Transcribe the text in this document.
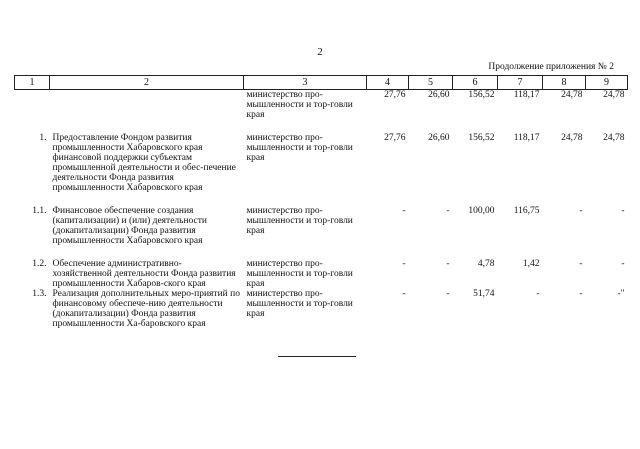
2
Продолжение приложения № 2
1	2	3	4	5	6	7	8	9
		министерство про-мышленности и тор-говли края	27,76	26,60	156,52	118,17	24,78	24,78

1.	Предоставление Фондом развития промышленности Хабаровского края финансовой поддержки субъектам промышленной деятельности и обес-печение деятельности Фонда развития промышленности Хабаровского края	министерство про-мышленности и тор-говли края	27,76	26,60	156,52	118,17	24,78	24,78

1.1.	Финансовое обеспечение создания (капитализации) и (или) деятельности (докапитализации) Фонда развития промышленности Хабаровского края	министерство про-мышленности и тор-говли края	-	-	100,00	116,75	-	-

1.2.	Обеспечение административно-хозяйственной деятельности Фонда развития промышленности Хабаров-ского края	министерство про-мышленности и тор-говли края	-	-	4,78	1,42	-	-
1.3.	Реализация дополнительных меро-приятий по финансовому обеспече-нию деятельности (докапитализации) Фонда развития промышленности Ха-баровского края	министерство про-мышленности и тор-говли края	-	-	51,74	-	-	-"
